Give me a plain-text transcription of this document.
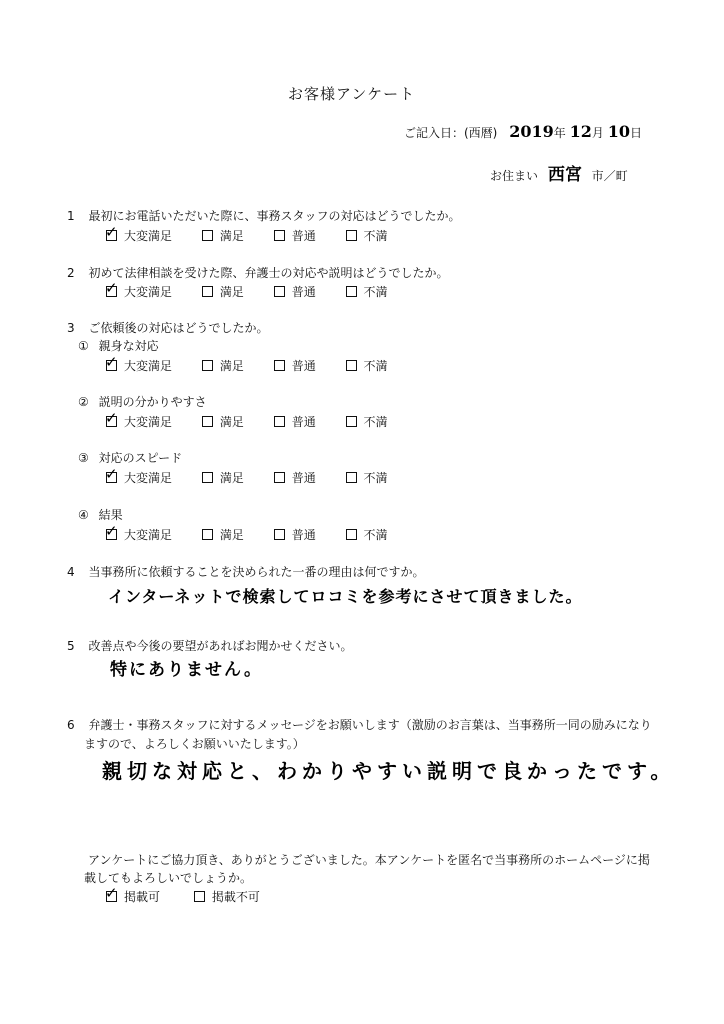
お客様アンケート
ご記入日：(西暦) 2019年 12月 10日
お住まい 西宮 市／町
1 最初にお電話いただいた際に、事務スタッフの対応はどうでしたか。
✓ 大変満足	満足	普通	不満
2 初めて法律相談を受けた際、弁護士の対応や説明はどうでしたか。
✓ 大変満足	満足	普通	不満
3 ご依頼後の対応はどうでしたか。
① 親身な対応
✓ 大変満足	満足	普通	不満
② 説明の分かりやすさ
✓ 大変満足	満足	普通	不満
③ 対応のスピード
✓ 大変満足	満足	普通	不満
④ 結果
✓ 大変満足	満足	普通	不満
4 当事務所に依頼することを決められた一番の理由は何ですか。
インターネットで検索してロコミを参考にさせて頂きました。
5 改善点や今後の要望があればお聞かせください。
特にありません。
6 弁護士・事務スタッフに対するメッセージをお願いします（激励のお言葉は、当事務所一同の励みになり
ますので、よろしくお願いいたします。）
親切な対応と、わかりやすい説明で良かったです。
アンケートにご協力頂き、ありがとうございました。本アンケートを匿名で当事務所のホームページに掲
載してもよろしいでしょうか。
✓ 掲載可	掲載不可
